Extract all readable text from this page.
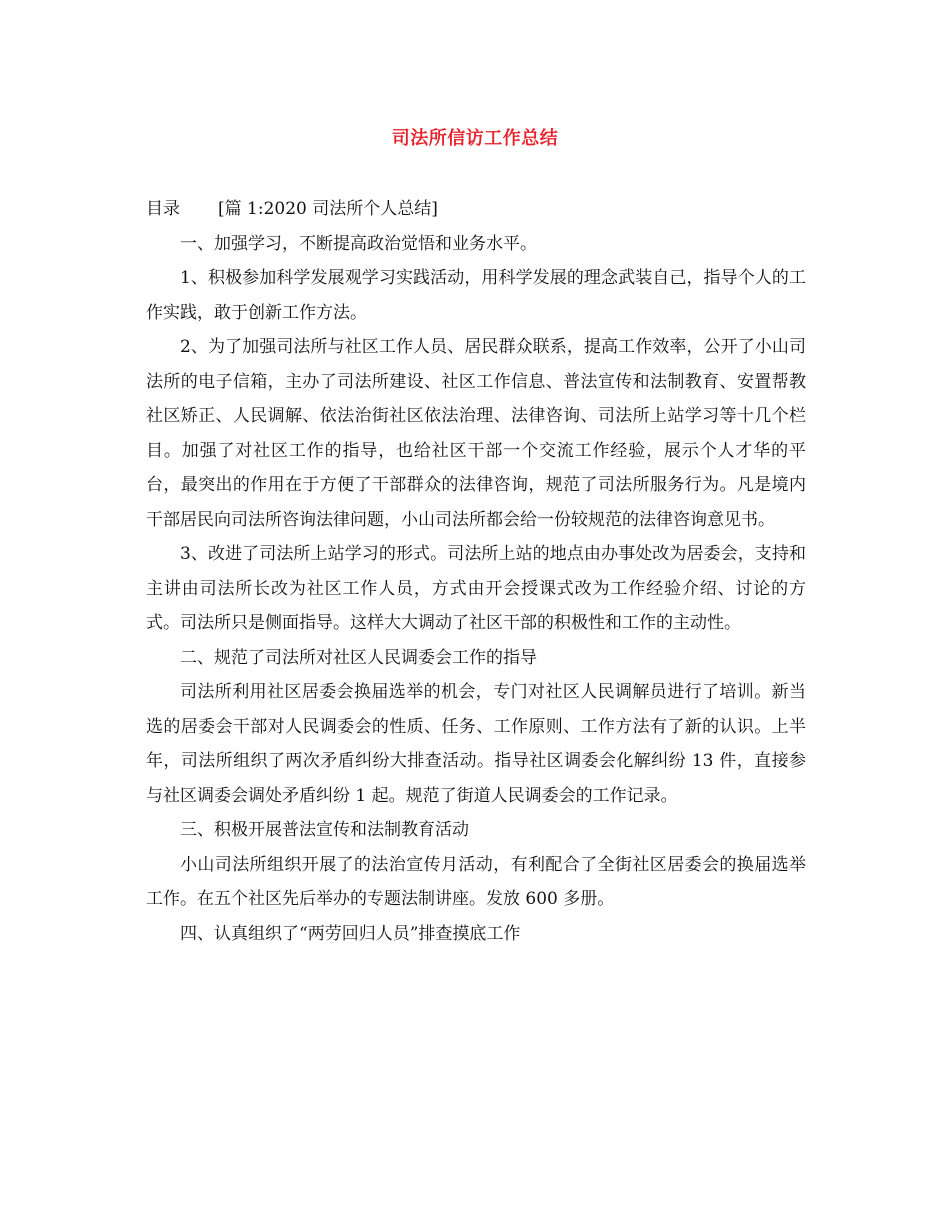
司法所信访工作总结
目录 [篇 1:2020 司法所个人总结]

一、加强学习，不断提高政治觉悟和业务水平。

1、积极参加科学发展观学习实践活动，用科学发展的理念武装自己，指导个人的工作实践，敢于创新工作方法。

2、为了加强司法所与社区工作人员、居民群众联系，提高工作效率，公开了小山司法所的电子信箱，主办了司法所建设、社区工作信息、普法宣传和法制教育、安置帮教社区矫正、人民调解、依法治街社区依法治理、法律咨询、司法所上站学习等十几个栏目。加强了对社区工作的指导，也给社区干部一个交流工作经验，展示个人才华的平台，最突出的作用在于方便了干部群众的法律咨询，规范了司法所服务行为。凡是境内干部居民向司法所咨询法律问题，小山司法所都会给一份较规范的法律咨询意见书。

3、改进了司法所上站学习的形式。司法所上站的地点由办事处改为居委会，支持和主讲由司法所长改为社区工作人员，方式由开会授课式改为工作经验介绍、讨论的方式。司法所只是侧面指导。这样大大调动了社区干部的积极性和工作的主动性。

二、规范了司法所对社区人民调委会工作的指导

司法所利用社区居委会换届选举的机会，专门对社区人民调解员进行了培训。新当选的居委会干部对人民调委会的性质、任务、工作原则、工作方法有了新的认识。上半年，司法所组织了两次矛盾纠纷大排查活动。指导社区调委会化解纠纷 13 件，直接参与社区调委会调处矛盾纠纷 1 起。规范了街道人民调委会的工作记录。

三、积极开展普法宣传和法制教育活动

小山司法所组织开展了的法治宣传月活动，有利配合了全街社区居委会的换届选举工作。在五个社区先后举办的专题法制讲座。发放 600 多册。

四、认真组织了“两劳回归人员”排查摸底工作
